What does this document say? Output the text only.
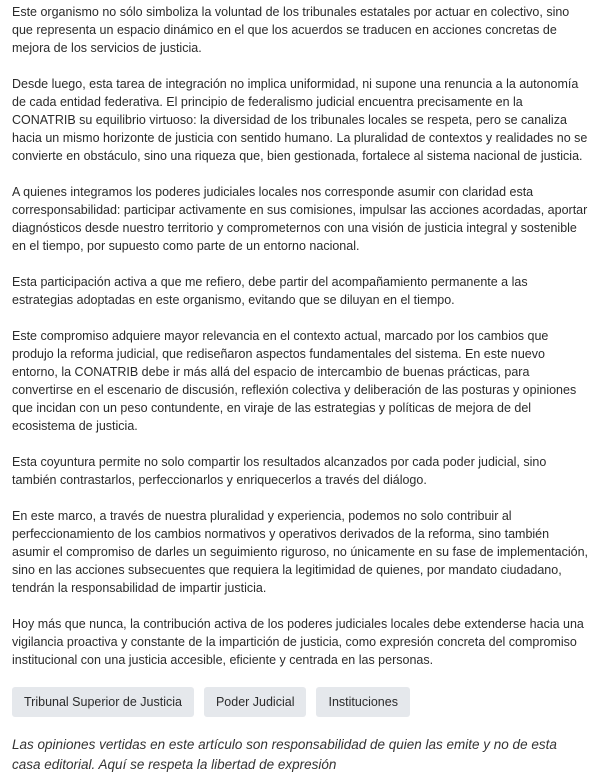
Este organismo no sólo simboliza la voluntad de los tribunales estatales por actuar en colectivo, sino que representa un espacio dinámico en el que los acuerdos se traducen en acciones concretas de mejora de los servicios de justicia.

Desde luego, esta tarea de integración no implica uniformidad, ni supone una renuncia a la autonomía de cada entidad federativa. El principio de federalismo judicial encuentra precisamente en la CONATRIB su equilibrio virtuoso: la diversidad de los tribunales locales se respeta, pero se canaliza hacia un mismo horizonte de justicia con sentido humano. La pluralidad de contextos y realidades no se convierte en obstáculo, sino una riqueza que, bien gestionada, fortalece al sistema nacional de justicia.

A quienes integramos los poderes judiciales locales nos corresponde asumir con claridad esta corresponsabilidad: participar activamente en sus comisiones, impulsar las acciones acordadas, aportar diagnósticos desde nuestro territorio y comprometernos con una visión de justicia integral y sostenible en el tiempo, por supuesto como parte de un entorno nacional.

Esta participación activa a que me refiero, debe partir del acompañamiento permanente a las estrategias adoptadas en este organismo, evitando que se diluyan en el tiempo.

Este compromiso adquiere mayor relevancia en el contexto actual, marcado por los cambios que produjo la reforma judicial, que rediseñaron aspectos fundamentales del sistema. En este nuevo entorno, la CONATRIB debe ir más allá del espacio de intercambio de buenas prácticas, para convertirse en el escenario de discusión, reflexión colectiva y deliberación de las posturas y opiniones que incidan con un peso contundente, en viraje de las estrategias y políticas de mejora de del ecosistema de justicia.

Esta coyuntura permite no solo compartir los resultados alcanzados por cada poder judicial, sino también contrastarlos, perfeccionarlos y enriquecerlos a través del diálogo.

En este marco, a través de nuestra pluralidad y experiencia, podemos no solo contribuir al perfeccionamiento de los cambios normativos y operativos derivados de la reforma, sino también asumir el compromiso de darles un seguimiento riguroso, no únicamente en su fase de implementación, sino en las acciones subsecuentes que requiera la legitimidad de quienes, por mandato ciudadano, tendrán la responsabilidad de impartir justicia.

Hoy más que nunca, la contribución activa de los poderes judiciales locales debe extenderse hacia una vigilancia proactiva y constante de la impartición de justicia, como expresión concreta del compromiso institucional con una justicia accesible, eficiente y centrada en las personas.

Tribunal Superior de Justicia	Poder Judicial	Instituciones

Las opiniones vertidas en este artículo son responsabilidad de quien las emite y no de esta casa editorial. Aquí se respeta la libertad de expresión
